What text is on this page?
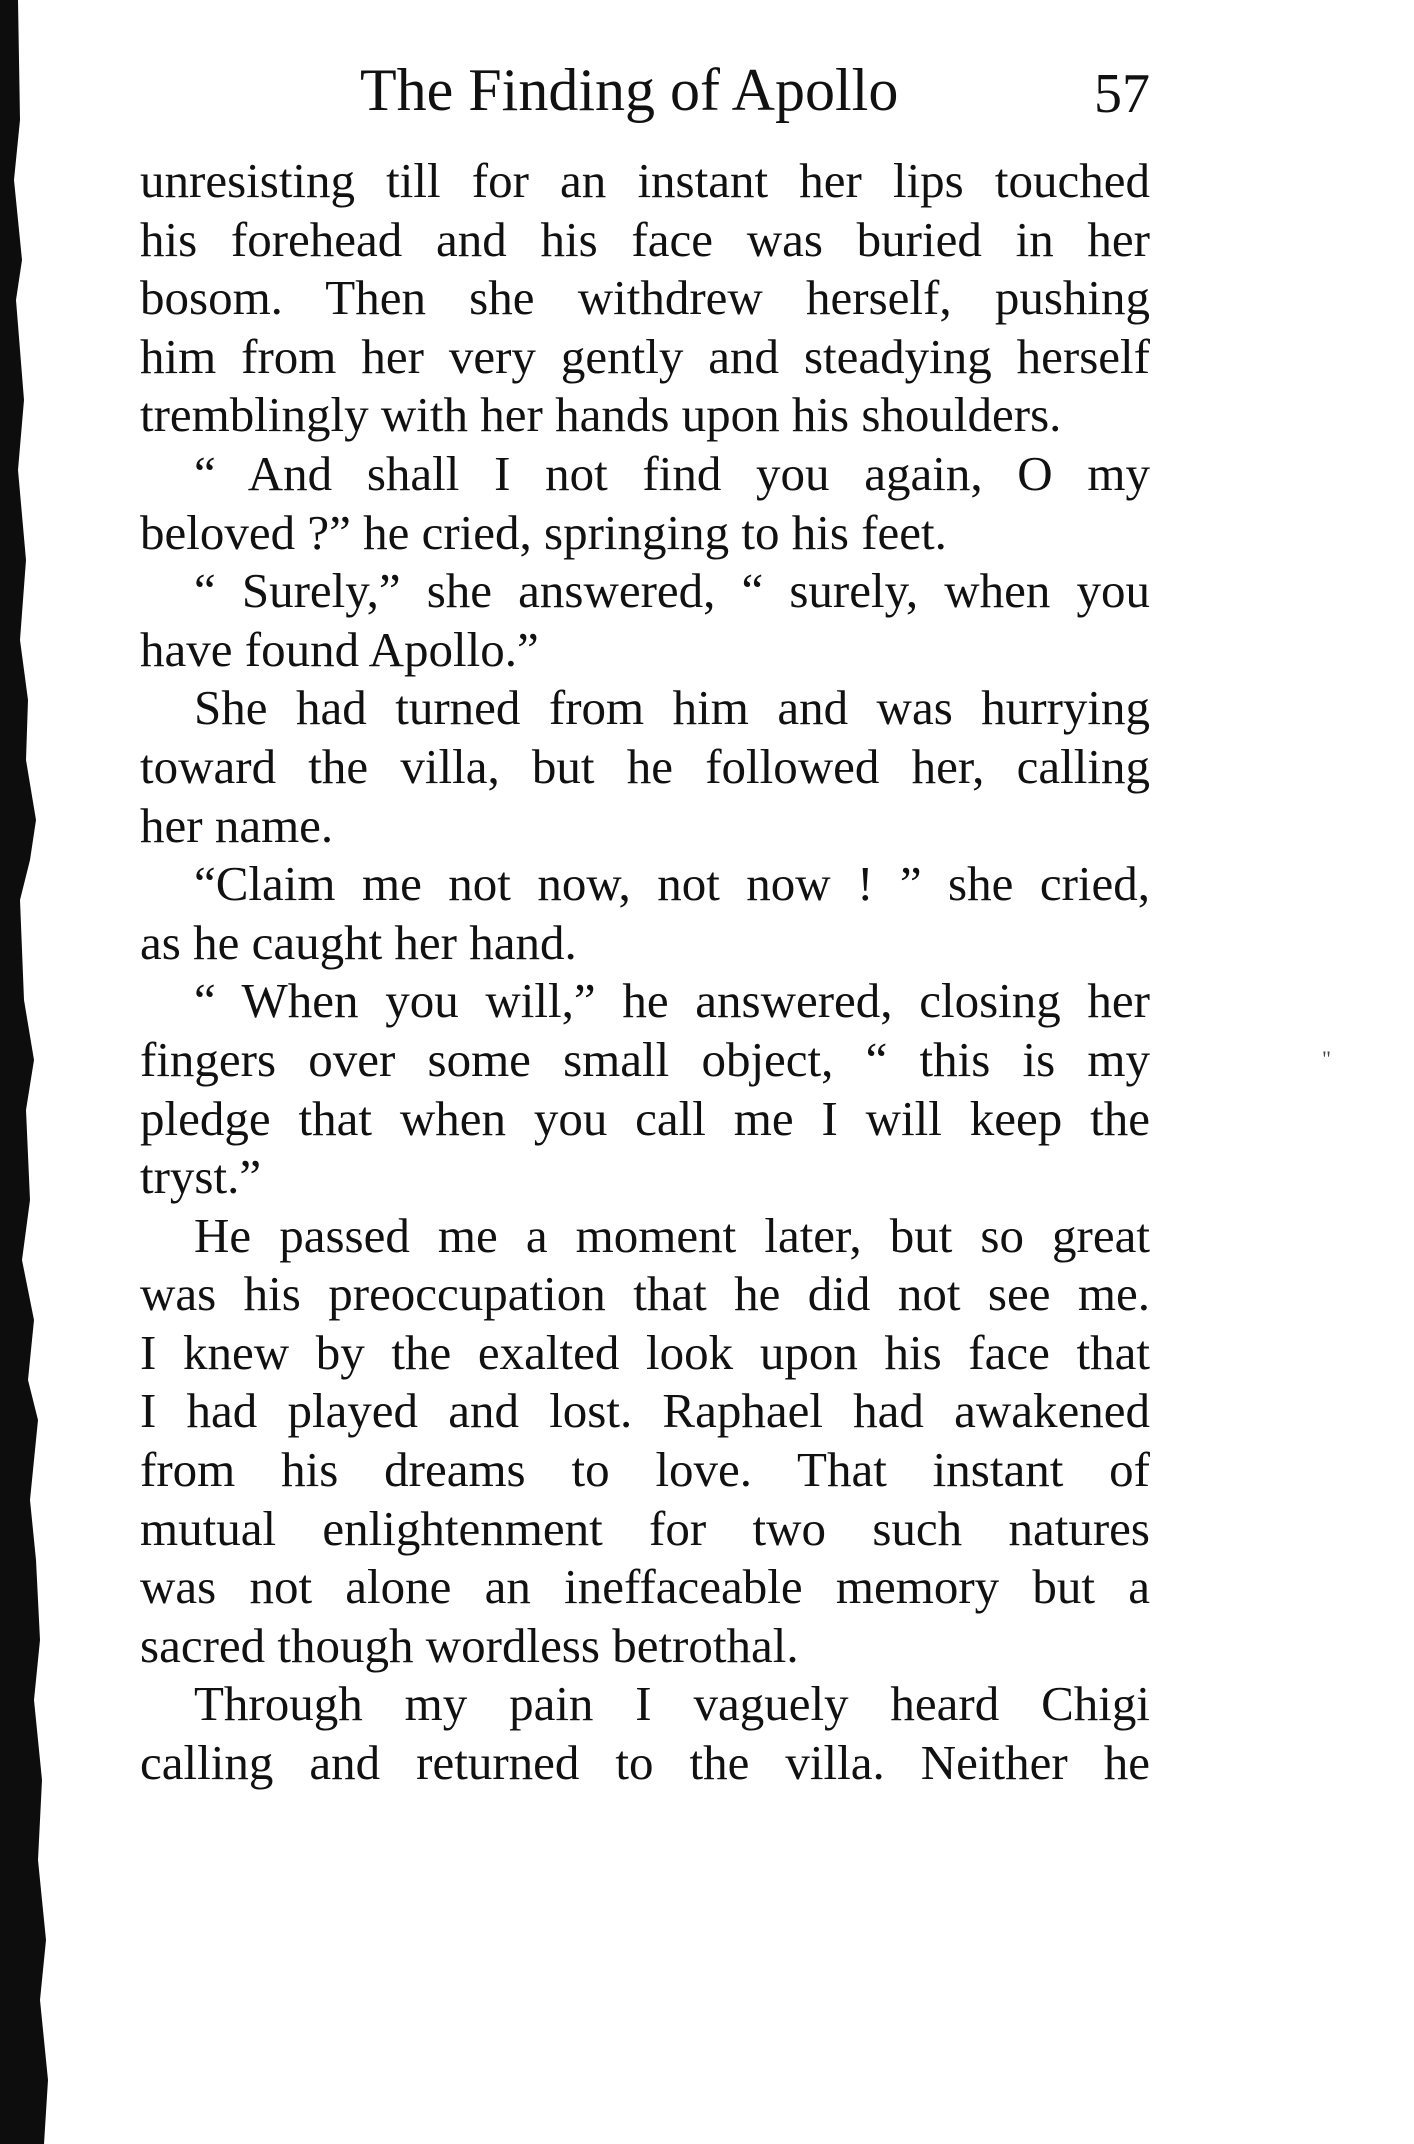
The Finding of Apollo	57
unresisting till for an instant her lips touched
his forehead and his face was buried in her
bosom. Then she withdrew herself, pushing
him from her very gently and steadying herself
tremblingly with her hands upon his shoulders.
“ And shall I not find you again, O my
beloved ?” he cried, springing to his feet.
“ Surely,” she answered, “ surely, when you
have found Apollo.”
She had turned from him and was hurrying
toward the villa, but he followed her, calling
her name.
“Claim me not now, not now ! ” she cried,
as he caught her hand.
“ When you will,” he answered, closing her
fingers over some small object, “ this is my
pledge that when you call me I will keep the
tryst.”
He passed me a moment later, but so great
was his preoccupation that he did not see me.
I knew by the exalted look upon his face that
I had played and lost. Raphael had awakened
from his dreams to love. That instant of
mutual enlightenment for two such natures
was not alone an ineffaceable memory but a
sacred though wordless betrothal.
Through my pain I vaguely heard Chigi
calling and returned to the villa. Neither he
"
